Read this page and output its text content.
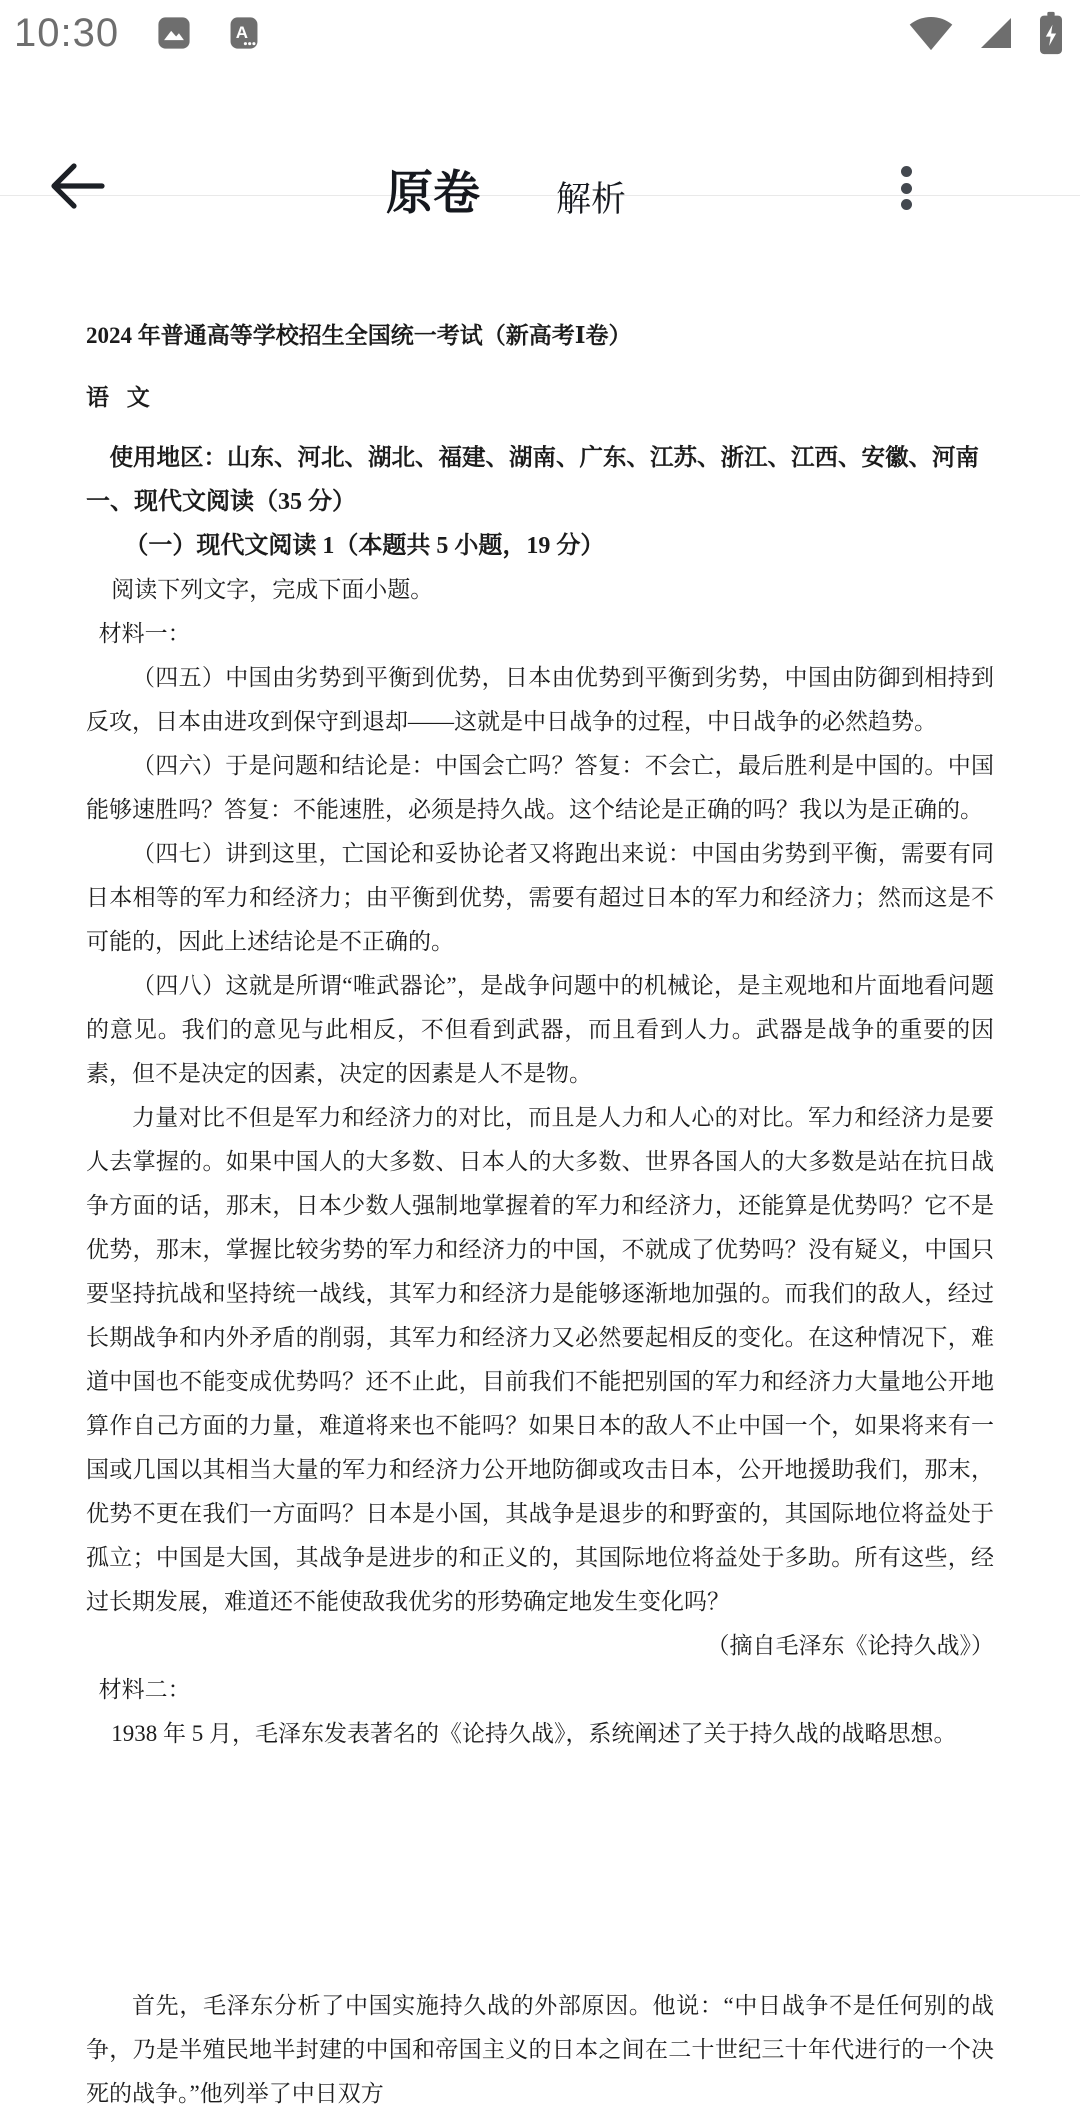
10:30	A
原卷 解析

2024 年普通高等学校招生全国统一考试（新高考Ⅰ卷）

语 文

使用地区：山东、河北、湖北、福建、湖南、广东、江苏、浙江、江西、安徽、河南

一、现代文阅读（35 分）

（一）现代文阅读 1（本题共 5 小题，19 分）

阅读下列文字，完成下面小题。

材料一：

（四五）中国由劣势到平衡到优势，日本由优势到平衡到劣势，中国由防御到相持到反攻，日本由进攻到保守到退却——这就是中日战争的过程，中日战争的必然趋势。

（四六）于是问题和结论是：中国会亡吗？答复：不会亡，最后胜利是中国的。中国能够速胜吗？答复：不能速胜，必须是持久战。这个结论是正确的吗？我以为是正确的。

（四七）讲到这里，亡国论和妥协论者又将跑出来说：中国由劣势到平衡，需要有同日本相等的军力和经济力；由平衡到优势，需要有超过日本的军力和经济力；然而这是不可能的，因此上述结论是不正确的。

（四八）这就是所谓“唯武器论”，是战争问题中的机械论，是主观地和片面地看问题的意见。我们的意见与此相反，不但看到武器，而且看到人力。武器是战争的重要的因素，但不是决定的因素，决定的因素是人不是物。

力量对比不但是军力和经济力的对比，而且是人力和人心的对比。军力和经济力是要人去掌握的。如果中国人的大多数、日本人的大多数、世界各国人的大多数是站在抗日战争方面的话，那末，日本少数人强制地掌握着的军力和经济力，还能算是优势吗？它不是优势，那末，掌握比较劣势的军力和经济力的中国，不就成了优势吗？没有疑义，中国只要坚持抗战和坚持统一战线，其军力和经济力是能够逐渐地加强的。而我们的敌人，经过长期战争和内外矛盾的削弱，其军力和经济力又必然要起相反的变化。在这种情况下，难道中国也不能变成优势吗？还不止此，目前我们不能把别国的军力和经济力大量地公开地算作自己方面的力量，难道将来也不能吗？如果日本的敌人不止中国一个，如果将来有一国或几国以其相当大量的军力和经济力公开地防御或攻击日本，公开地援助我们，那末，优势不更在我们一方面吗？日本是小国，其战争是退步的和野蛮的，其国际地位将益处于孤立；中国是大国，其战争是进步的和正义的，其国际地位将益处于多助。所有这些，经过长期发展，难道还不能使敌我优劣的形势确定地发生变化吗？

（摘自毛泽东《论持久战》）

材料二：

1938 年 5 月，毛泽东发表著名的《论持久战》，系统阐述了关于持久战的战略思想。

首先，毛泽东分析了中国实施持久战的外部原因。他说：“中日战争不是任何别的战争，乃是半殖民地半封建的中国和帝国主义的日本之间在二十世纪三十年代进行的一个决死的战争。”他列举了中日双方
